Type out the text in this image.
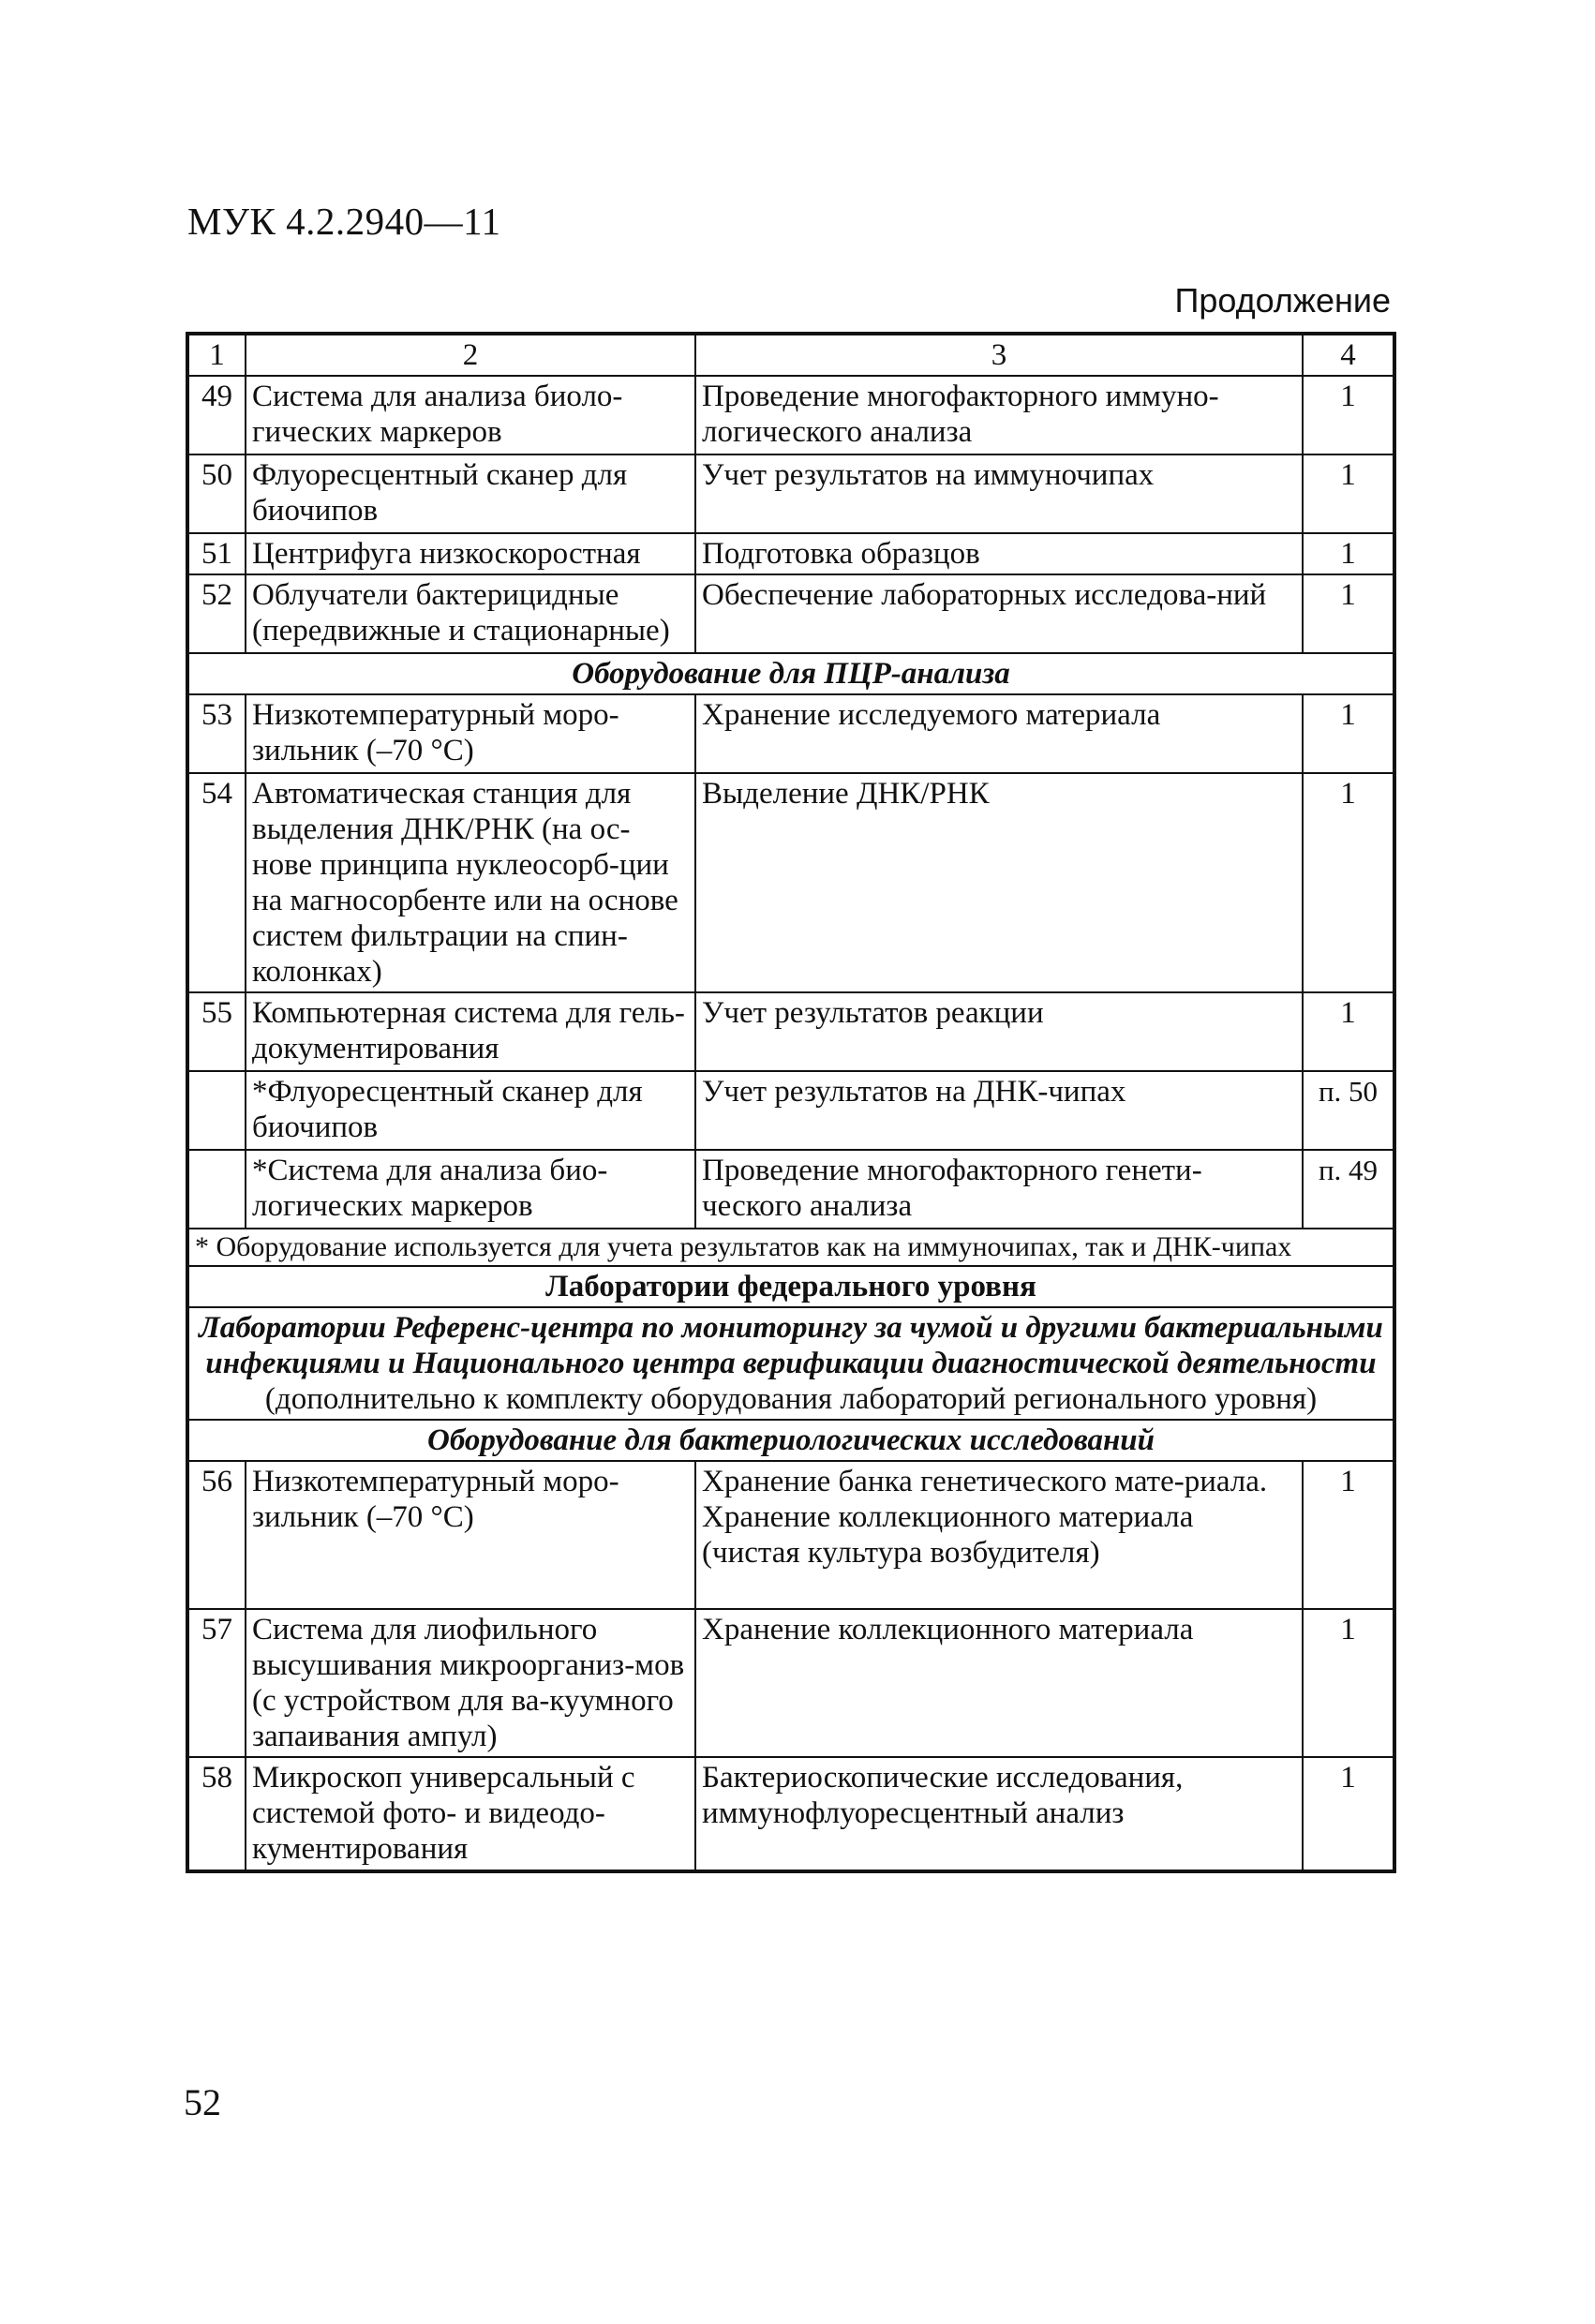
МУК 4.2.2940—11
Продолжение
1	2	3	4
49	Система для анализа биоло-гических маркеров	Проведение многофакторного иммуно-логического анализа	1
50	Флуоресцентный сканер для биочипов	Учет результатов на иммуночипах	1
51	Центрифуга низкоскоростная	Подготовка образцов	1
52	Облучатели бактерицидные (передвижные и стационарные)	Обеспечение лабораторных исследова-ний	1
Оборудование для ПЦР-анализа			
53	Низкотемпературный моро-зильник (–70 °С)	Хранение исследуемого материала	1
54	Автоматическая станция для выделения ДНК/РНК (на ос-нове принципа нуклеосорб-ции на магносорбенте или на основе систем фильтрации на спин-колонках)	Выделение ДНК/РНК	1
55	Компьютерная система для гель-документирования	Учет результатов реакции	1
	*Флуоресцентный сканер для биочипов	Учет результатов на ДНК-чипах	п. 50
	*Система для анализа био-логических маркеров	Проведение многофакторного генети-ческого анализа	п. 49
* Оборудование используется для учета результатов как на иммуночипах, так и ДНК-чипах			
Лаборатории федерального уровня			
Лаборатории Референс-центра по мониторингу за чумой и другими бактериальными инфекциями и Национального центра верификации диагностической деятельности (дополнительно к комплекту оборудования лабораторий регионального уровня)			
Оборудование для бактериологических исследований			
56	Низкотемпературный моро-зильник (–70 °С)	Хранение банка генетического мате-риала. Хранение коллекционного материала (чистая культура возбудителя)	1
57	Система для лиофильного высушивания микроорганиз-мов (с устройством для ва-куумного запаивания ампул)	Хранение коллекционного материала	1
58	Микроскоп универсальный с системой фото- и видеодо-кументирования	Бактериоскопические исследования, иммунофлуоресцентный анализ	1
52
